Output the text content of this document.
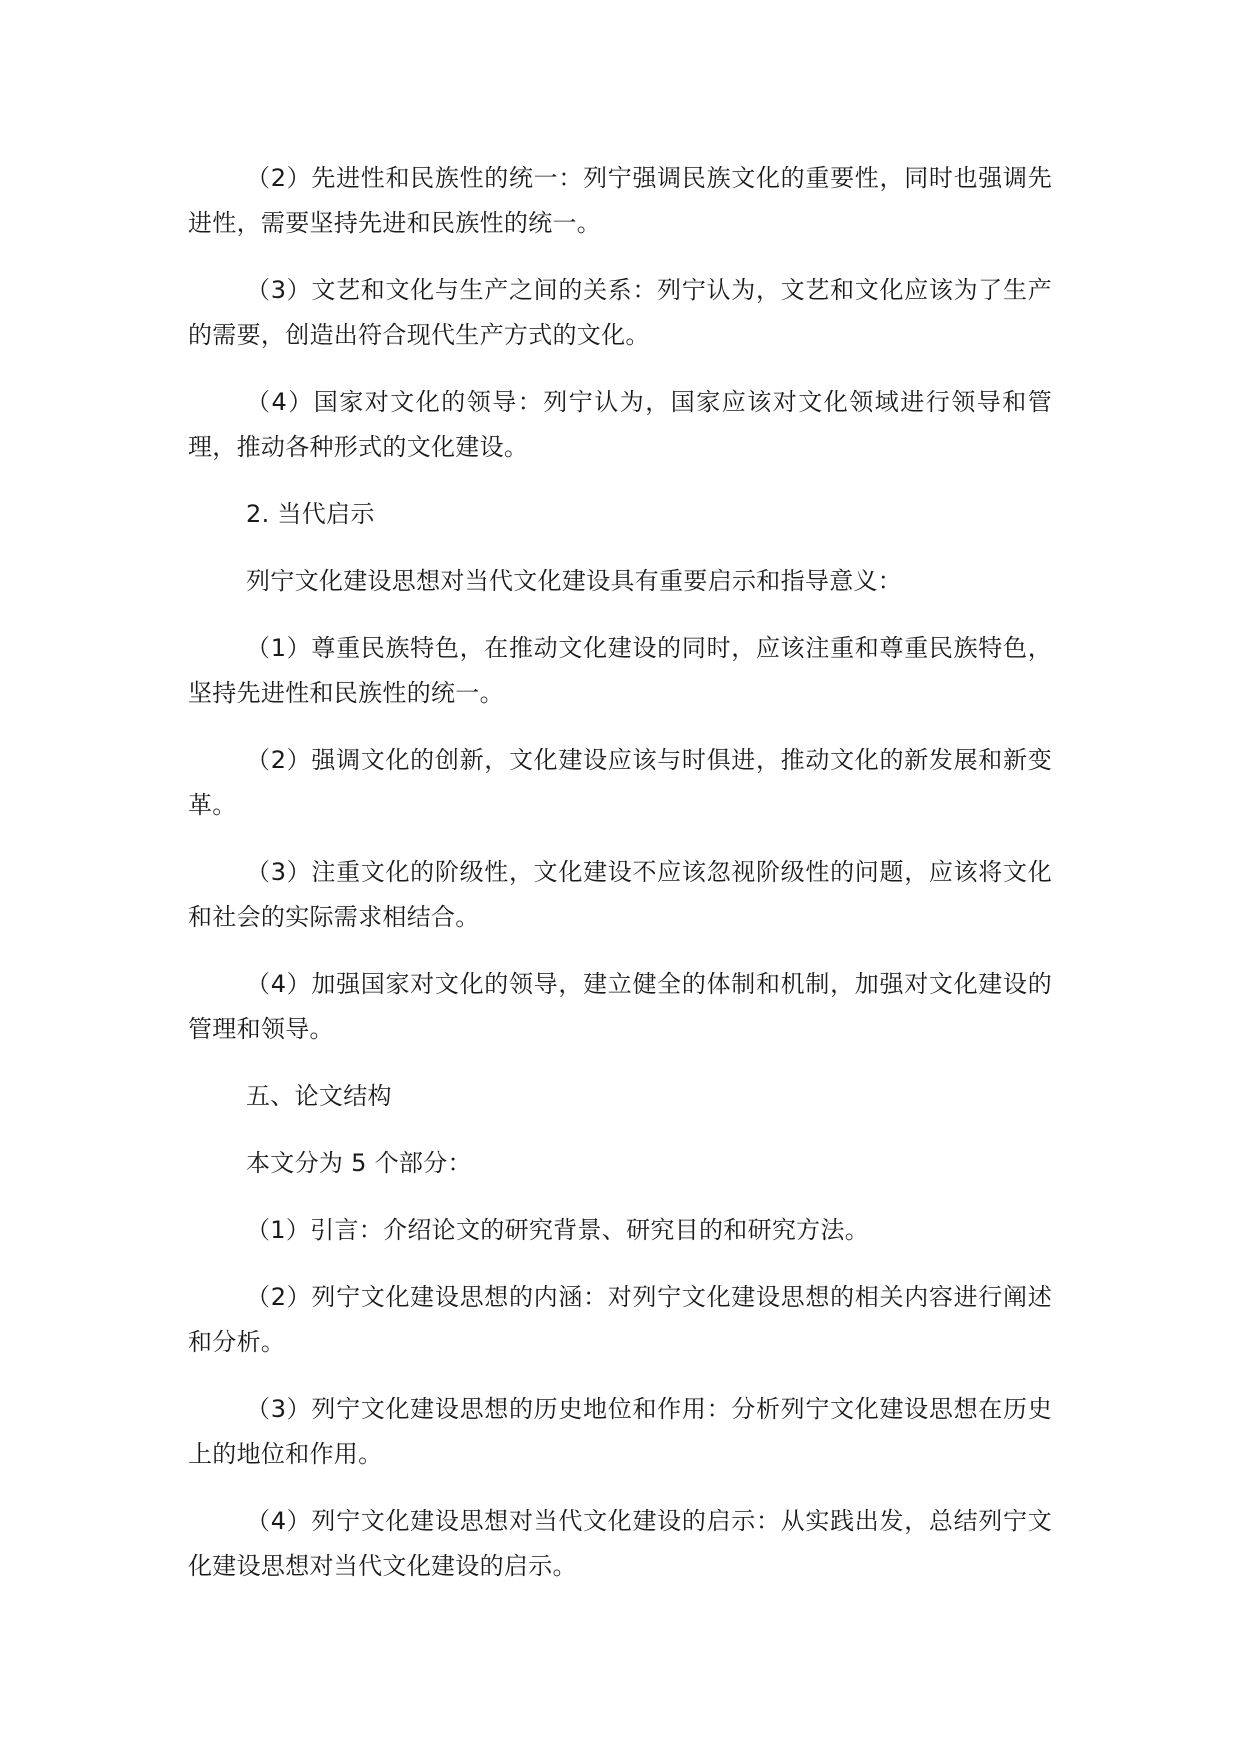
（2）先进性和民族性的统一：列宁强调民族文化的重要性，同时也强调先进性，需要坚持先进和民族性的统一。

（3）文艺和文化与生产之间的关系：列宁认为，文艺和文化应该为了生产的需要，创造出符合现代生产方式的文化。

（4）国家对文化的领导：列宁认为，国家应该对文化领域进行领导和管理，推动各种形式的文化建设。

2. 当代启示

列宁文化建设思想对当代文化建设具有重要启示和指导意义：

（1）尊重民族特色，在推动文化建设的同时，应该注重和尊重民族特色，坚持先进性和民族性的统一。

（2）强调文化的创新，文化建设应该与时俱进，推动文化的新发展和新变革。

（3）注重文化的阶级性，文化建设不应该忽视阶级性的问题，应该将文化和社会的实际需求相结合。

（4）加强国家对文化的领导，建立健全的体制和机制，加强对文化建设的管理和领导。

五、论文结构

本文分为 5 个部分：

（1）引言：介绍论文的研究背景、研究目的和研究方法。

（2）列宁文化建设思想的内涵：对列宁文化建设思想的相关内容进行阐述和分析。

（3）列宁文化建设思想的历史地位和作用：分析列宁文化建设思想在历史上的地位和作用。

（4）列宁文化建设思想对当代文化建设的启示：从实践出发，总结列宁文化建设思想对当代文化建设的启示。
